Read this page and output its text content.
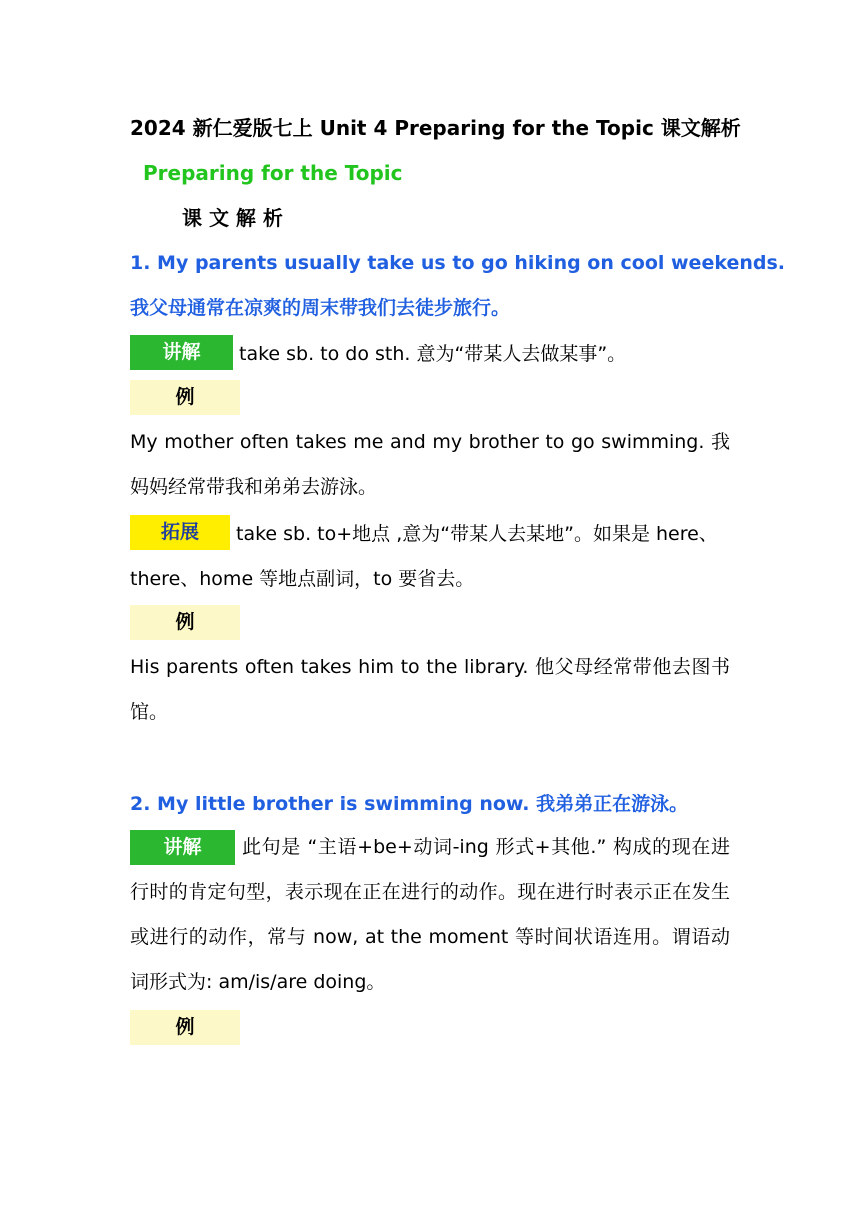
2024 新仁爱版七上 Unit 4 Preparing for the Topic 课文解析
Preparing for the Topic
课 文 解 析
1. My parents usually take us to go hiking on cool weekends.
我父母通常在凉爽的周末带我们去徒步旅行。
讲解 take sb. to do sth. 意为“带某人去做某事”。
例
My mother often takes me and my brother to go swimming. 我妈妈经常带我和弟弟去游泳。
拓展 take sb. to+地点 ,意为“带某人去某地”。如果是 here、
there、home 等地点副词，to 要省去。
例
His parents often takes him to the library. 他父母经常带他去图书馆。
2. My little brother is swimming now. 我弟弟正在游泳。
讲解	此句是 “主语+be+动词-ing 形式+其他.” 构成的现在进行时的肯定句型，表示现在正在进行的动作。现在进行时表示正在发生或进行的动作，常与 now, at the moment 等时间状语连用。谓语动词形式为: am/is/are doing。
例
